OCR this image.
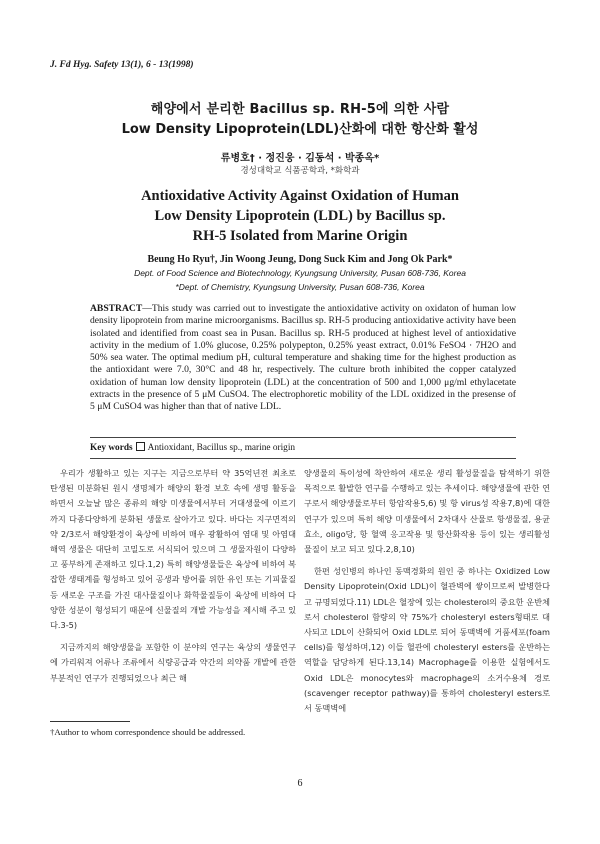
J. Fd Hyg. Safety 13(1), 6 - 13(1998)
해양에서 분리한 Bacillus sp. RH-5에 의한 사람
Low Density Lipoprotein(LDL)산화에 대한 항산화 활성
류병호† · 정진웅 · 김동석 · 박종옥*
경성대학교 식품공학과, *화학과
Antioxidative Activity Against Oxidation of Human
Low Density Lipoprotein (LDL) by Bacillus sp.
RH-5 Isolated from Marine Origin
Beung Ho Ryu†, Jin Woong Jeung, Dong Suck Kim and Jong Ok Park*
Dept. of Food Science and Biotechnology, Kyungsung University, Pusan 608-736, Korea
*Dept. of Chemistry, Kyungsung University, Pusan 608-736, Korea
ABSTRACT—This study was carried out to investigate the antioxidative activity on oxidaton of human low density lipoprotein from marine microorganisms. Bacillus sp. RH-5 producing antioxidative activity have been isolated and identified from coast sea in Pusan. Bacillus sp. RH-5 produced at highest level of antioxidative activity in the medium of 1.0% glucose, 0.25% polypepton, 0.25% yeast extract, 0.01% FeSO4 · 7H2O and 50% sea water. The optimal medium pH, cultural temperature and shaking time for the highest production as the antioxidant were 7.0, 30°C and 48 hr, respectively. The culture broth inhibited the copper catalyzed oxidation of human low density lipoprotein (LDL) at the concentration of 500 and 1,000 μg/ml ethylacetate extracts in the presence of 5 μM CuSO4. The electrophoretic mobility of the LDL oxidized in the presense of 5 μM CuSO4 was higher than that of native LDL.
Key words Antioxidant, Bacillus sp., marine origin

우리가 생활하고 있는 지구는 지금으로부터 약 35억년전 최초로 탄생된 미분화된 원시 생명체가 해양의 환경 보호 속에 생명 활동을 하면서 오늘날 많은 종류의 해양 미생물에서부터 거대생물에 이르기까지 다종다양하게 분화된 생물로 살아가고 있다. 바다는 지구면적의 약 2/3로서 해양환경이 육상에 비하여 매우 광활하여 염대 및 아염대 해역 생물은 대단히 고밀도로 서식되어 있으며 그 생물자원이 다양하고 풍부하게 존재하고 있다.1,2) 특히 해양생물들은 육상에 비하여 복잡한 생태계를 형성하고 있어 공생과 방어를 위한 유인 또는 기피물질등 새로운 구조를 가진 대사물질이나 화학물질등이 육상에 비하여 다양한 성분이 형성되기 때문에 신물질의 개발 가능성을 제시해 주고 있다.3-5)

지금까지의 해양생물을 포함한 이 분야의 연구는 육상의 생물연구에 가리워져 어류나 조류에서 식량공급과 약간의 의약품 개발에 관한 부분적인 연구가 진행되었으나 최근 해

양생물의 특이성에 착안하여 새로운 생리 활성물질을 탐색하기 위한 목적으로 활발한 연구를 수행하고 있는 추세이다. 해양생물에 관한 연구로서 해양생물로부터 항암작용5,6) 및 항 virus성 작용7,8)에 대한 연구가 있으며 특히 해양 미생물에서 2차대사 산물로 항생물질, 용균효소, oligo당, 항 혈액 응고작용 및 항산화작용 등이 있는 생리활성물질이 보고 되고 있다.2,8,10)

한편 성인병의 하나인 동맥경화의 원인 중 하나는 Oxidized Low Density Lipoprotein(Oxid LDL)이 혈관벽에 쌓이므로써 발병한다고 규명되었다.11) LDL은 혈장에 있는 cholesterol의 중요한 운반체로서 cholesterol 함량의 약 75%가 cholesteryl esters형태로 대사되고 LDL이 산화되어 Oxid LDL로 되어 동맥벽에 거품세포(foam cells)를 형성하며,12) 이들 혈관에 cholesteryl esters를 운반하는 역할을 담당하게 된다.13,14) Macrophage를 이용한 실험에서도 Oxid LDL은 monocytes와 macrophage의 소거수용체 경로(scavenger receptor pathway)를 통하여 cholesteryl esters로서 동맥벽에

†Author to whom correspondence should be addressed.
6
